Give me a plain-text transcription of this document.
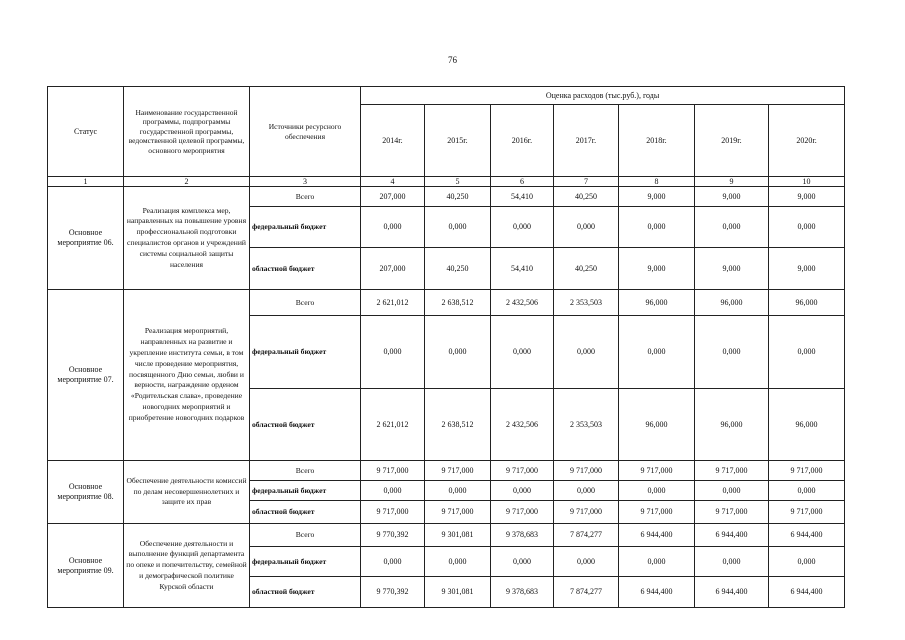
76
Статус	Наименование государственной программы, подпрограммы государственной программы, ведомственной целевой программы, основного мероприятия	Источники ресурсного обеспечения	Оценка расходов (тыс.руб.), годы						
			2014г.	2015г.	2016г.	2017г.	2018г.	2019г.	2020г.
1	2	3	4	5	6	7	8	9	10
Основное мероприятие 06.	Реализация комплекса мер, направленных на повышение уровня профессиональной подготовки специалистов органов и учреждений системы социальной защиты населения	Всего	207,000	40,250	54,410	40,250	9,000	9,000	9,000
		федеральный бюджет	0,000	0,000	0,000	0,000	0,000	0,000	0,000
		областной бюджет	207,000	40,250	54,410	40,250	9,000	9,000	9,000
Основное мероприятие 07.	Реализация мероприятий, направленных на развитие и укрепление института семьи, в том числе проведение мероприятия, посвященного Дню семьи, любви и верности, награждение орденом «Родительская слава», проведение новогодних мероприятий и приобретение новогодних подарков	Всего	2 621,012	2 638,512	2 432,506	2 353,503	96,000	96,000	96,000
		федеральный бюджет	0,000	0,000	0,000	0,000	0,000	0,000	0,000
		областной бюджет	2 621,012	2 638,512	2 432,506	2 353,503	96,000	96,000	96,000
Основное мероприятие 08.	Обеспечение деятельности комиссий по делам несовершеннолетних и защите их прав	Всего	9 717,000	9 717,000	9 717,000	9 717,000	9 717,000	9 717,000	9 717,000
		федеральный бюджет	0,000	0,000	0,000	0,000	0,000	0,000	0,000
		областной бюджет	9 717,000	9 717,000	9 717,000	9 717,000	9 717,000	9 717,000	9 717,000
Основное мероприятие 09.	Обеспечение деятельности и выполнение функций департамента по опеке и попечительству, семейной и демографической политике Курской области	Всего	9 770,392	9 301,081	9 378,683	7 874,277	6 944,400	6 944,400	6 944,400
		федеральный бюджет	0,000	0,000	0,000	0,000	0,000	0,000	0,000
		областной бюджет	9 770,392	9 301,081	9 378,683	7 874,277	6 944,400	6 944,400	6 944,400
